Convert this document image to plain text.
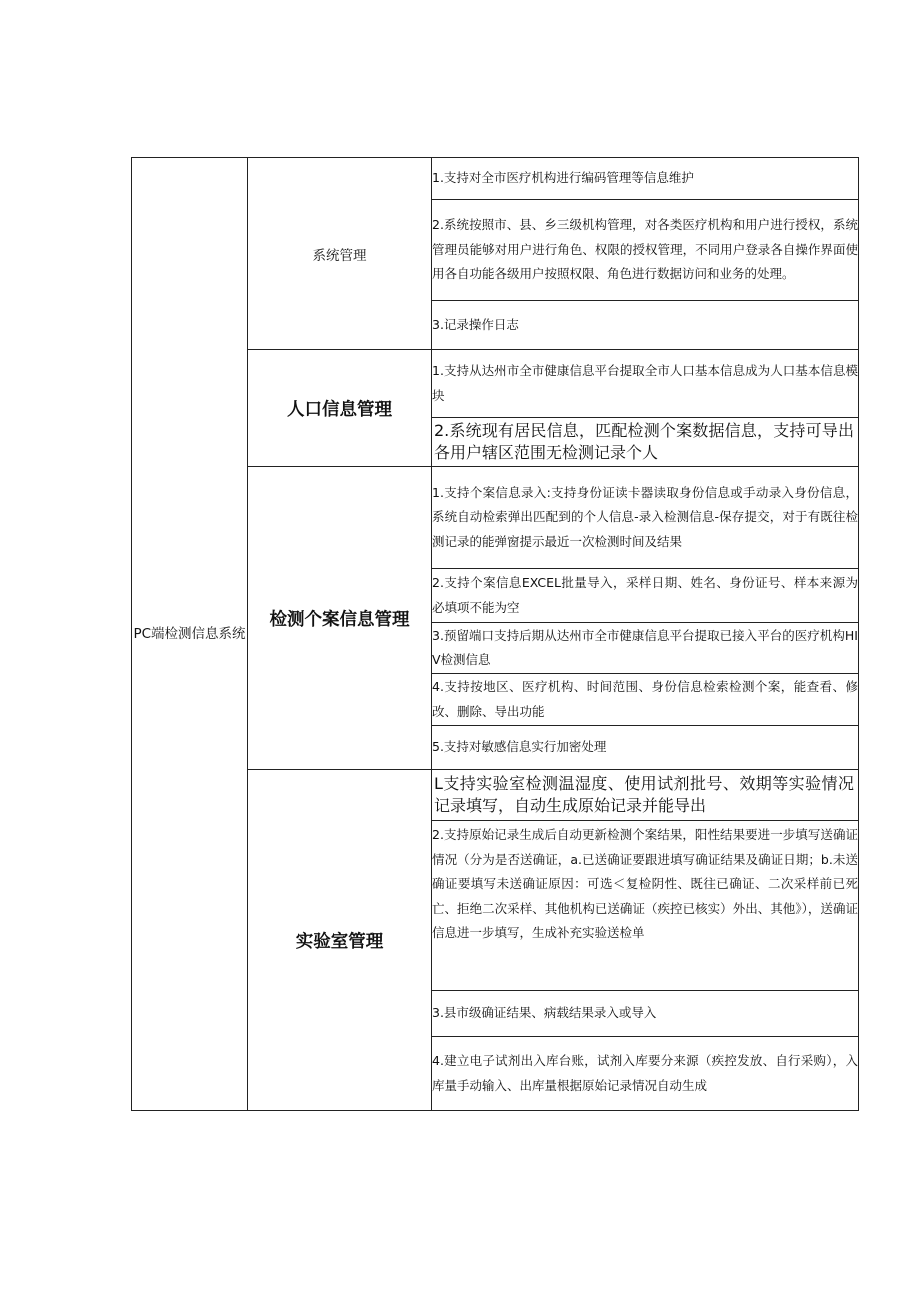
PC端检测信息系统	系统管理	1.支持对全市医疗机构进行编码管理等信息维护
		2.系统按照市、县、乡三级机构管理，对各类医疗机构和用户进行授权，系统管理员能够对用户进行角色、权限的授权管理，不同用户登录各自操作界面使用各自功能各级用户按照权限、角色进行数据访问和业务的处理。
		3.记录操作日志
	人口信息管理	1.支持从达州市全市健康信息平台提取全市人口基本信息成为人口基本信息模块
		2.系统现有居民信息，匹配检测个案数据信息，支持可导出各用户辖区范围无检测记录个人
	检测个案信息管理	1.支持个案信息录入:支持身份证读卡器读取身份信息或手动录入身份信息，系统自动检索弹出匹配到的个人信息-录入检测信息-保存提交，对于有既往检测记录的能弹窗提示最近一次检测时间及结果
		2.支持个案信息EXCEL批量导入，采样日期、姓名、身份证号、样本来源为必填项不能为空
		3.预留端口支持后期从达州市全市健康信息平台提取已接入平台的医疗机构HIV检测信息
		4.支持按地区、医疗机构、时间范围、身份信息检索检测个案，能查看、修改、删除、导出功能
		5.支持对敏感信息实行加密处理
	实验室管理	L支持实验室检测温湿度、使用试剂批号、效期等实验情况记录填写，自动生成原始记录并能导出
		2.支持原始记录生成后自动更新检测个案结果，阳性结果要进一步填写送确证情况（分为是否送确证，a.已送确证要跟进填写确证结果及确证日期；b.未送确证要填写未送确证原因：可选＜复检阴性、既往已确证、二次采样前已死亡、拒绝二次采样、其他机构已送确证（疾控已核实）外出、其他》），送确证信息进一步填写，生成补充实验送检单
		3.县市级确证结果、病载结果录入或导入
		4.建立电子试剂出入库台账，试剂入库要分来源（疾控发放、自行采购），入库量手动输入、出库量根据原始记录情况自动生成
